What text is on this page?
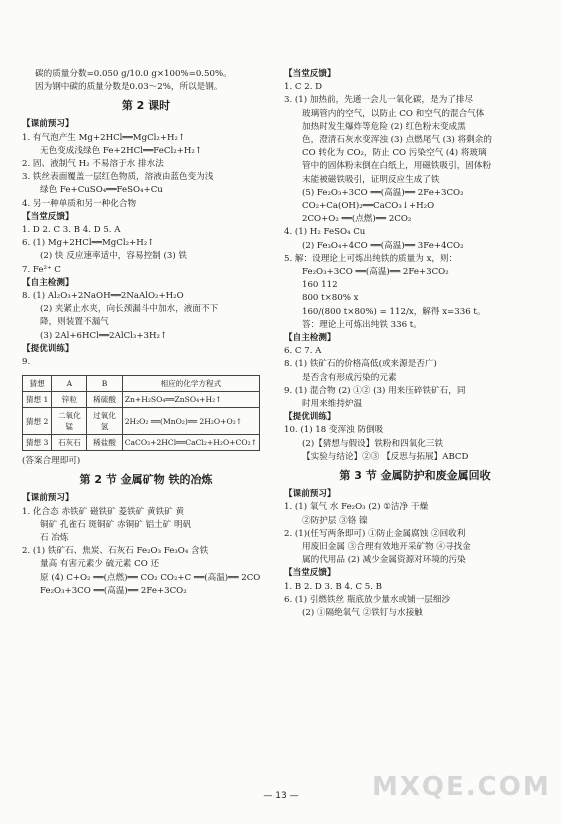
碳的质量分数=0.050 g/10.0 g×100%=0.50%。
因为钢中碳的质量分数是0.03～2%，所以是钢。
第 2 课时
【课前预习】
1. 有气泡产生 Mg+2HCl══MgCl₂+H₂↑
无色变成浅绿色 Fe+2HCl══FeCl₂+H₂↑
2. 固、液制气 H₂ 不易溶于水 排水法
3. 铁丝表面覆盖一层红色物质，溶液由蓝色变为浅
绿色 Fe+CuSO₄══FeSO₄+Cu
4. 另一种单质和另一种化合物
【当堂反馈】
1. D 2. C 3. B 4. D 5. A
6. (1) Mg+2HCl══MgCl₂+H₂↑
(2) 快 反应速率适中，容易控制 (3) 铁
7. Fe²⁺ C
【自主检测】
8. (1) Al₂O₃+2NaOH══2NaAlO₂+H₂O
(2) 夹紧止水夹，向长颈漏斗中加水，液面不下
降，则装置不漏气
(3) 2Al+6HCl══2AlCl₃+3H₂↑
【提优训练】
9.
猜想	A	B	相应的化学方程式
猜想 1	锌粒	稀硫酸	Zn+H₂SO₄══ZnSO₄+H₂↑
猜想 2	二氧化锰	过氧化氢	2H₂O₂ ══(MnO₂)══ 2H₂O+O₂↑
猜想 3	石灰石	稀盐酸	CaCO₃+2HCl══CaCl₂+H₂O+CO₂↑
(答案合理即可)
第 2 节 金属矿物 铁的冶炼
【课前预习】
1. 化合态 赤铁矿 磁铁矿 菱铁矿 黄铁矿 黄
铜矿 孔雀石 斑铜矿 赤铜矿 铝土矿 明矾
石 冶炼
2. (1) 铁矿石、焦炭、石灰石 Fe₂O₃ Fe₃O₄ 含铁
量高 有害元素少 硫元素 CO 还
原 (4) C+O₂ ══(点燃)══ CO₂ CO₂+C ══(高温)══ 2CO
Fe₂O₃+3CO ══(高温)══ 2Fe+3CO₂
【当堂反馈】
1. C 2. D
3. (1) 加热前，先通一会儿一氧化碳，是为了排尽
玻璃管内的空气，以防止 CO 和空气的混合气体
加热时发生爆炸等危险 (2) 红色粉末变成黑
色，澄清石灰水变浑浊 (3) 点燃尾气 (3) 将剩余的
CO 转化为 CO₂，防止 CO 污染空气 (4) 将玻璃
管中的固体粉末倒在白纸上，用磁铁吸引，固体粉
末能被磁铁吸引，证明反应生成了铁
(5) Fe₂O₃+3CO ══(高温)══ 2Fe+3CO₂
CO₂+Ca(OH)₂══CaCO₃↓+H₂O
2CO+O₂ ══(点燃)══ 2CO₂
4. (1) H₂ FeSO₄ Cu
(2) Fe₃O₄+4CO ══(高温)══ 3Fe+4CO₂
5. 解：设理论上可炼出纯铁的质量为 x，则：
Fe₂O₃+3CO ══(高温)══ 2Fe+3CO₂
160 112
800 t×80% x
160/(800 t×80%) = 112/x，解得 x=336 t。
答：理论上可炼出纯铁 336 t。
【自主检测】
6. C 7. A
8. (1) 铁矿石的价格高低(或来源是否广)
是否含有形成污染的元素
9. (1) 混合物 (2) ①② (3) 用来压碎铁矿石，同
时用来维持炉温
【提优训练】
10. (1) 18 变浑浊 防倒吸
(2)【猜想与假设】铁粉和四氧化三铁
【实验与结论】②③ 【反思与拓展】ABCD
第 3 节 金属防护和废金属回收
【课前预习】
1. (1) 氧气 水 Fe₂O₃ (2) ①洁净 干燥
②防护层 ③铬 镍
2. (1)(任写两条即可) ①防止金属腐蚀 ②回收利
用废旧金属 ③合理有效地开采矿物 ④寻找金
属的代用品 (2) 减少金属资源对环境的污染
【当堂反馈】
1. B 2. D 3. B 4. C 5. B
6. (1) 引燃铁丝 瓶底放少量水或铺一层细沙
(2) ①隔绝氧气 ②铁钉与水接触
MXQE.COM
— 13 —
